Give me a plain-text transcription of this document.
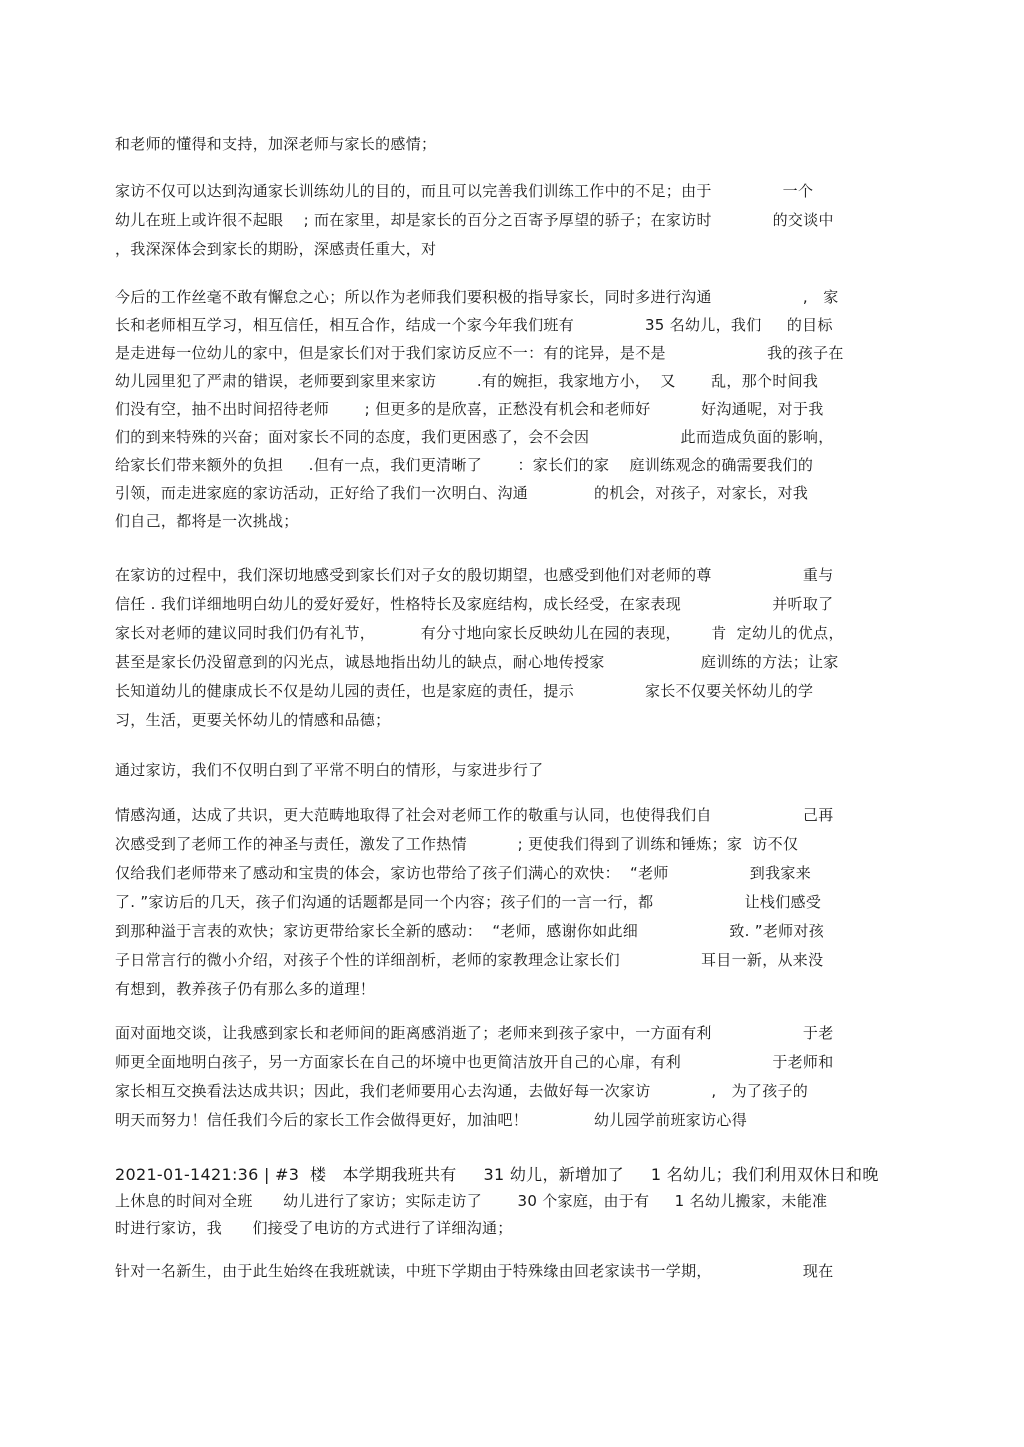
和老师的懂得和支持，加深老师与家长的感情；
家访不仅可以达到沟通家长训练幼儿的目的，而且可以完善我们训练工作中的不足；由于              一个
幼儿在班上或许很不起眼    ; 而在家里，却是家长的百分之百寄予厚望的骄子；在家访时            的交谈中
，我深深体会到家长的期盼，深感责任重大，对
今后的工作丝毫不敢有懈怠之心；所以作为老师我们要积极的指导家长，同时多进行沟通                  ,   家
长和老师相互学习，相互信任，相互合作，结成一个家今年我们班有              35 名幼儿，我们     的目标
是走进每一位幼儿的家中，但是家长们对于我们家访反应不一：有的诧异，是不是                    我的孩子在
幼儿园里犯了严肃的错误，老师要到家里来家访        .有的婉拒，我家地方小，  又       乱，那个时间我
们没有空，抽不出时间招待老师       ; 但更多的是欣喜，正愁没有机会和老师好          好沟通呢，对于我
们的到来特殊的兴奋；面对家长不同的态度，我们更困惑了，会不会因                  此而造成负面的影响，
给家长们带来额外的负担     .但有一点，我们更清晰了       ：家长们的家    庭训练观念的确需要我们的
引领，而走进家庭的家访活动，正好给了我们一次明白、沟通             的机会，对孩子，对家长，对我
们自己，都将是一次挑战；
在家访的过程中，我们深切地感受到家长们对子女的殷切期望，也感受到他们对老师的尊                  重与
信任 . 我们详细地明白幼儿的爱好爱好，性格特长及家庭结构，成长经受，在家表现                  并听取了
家长对老师的建议同时我们仍有礼节，         有分寸地向家长反映幼儿在园的表现，      肯  定幼儿的优点，
甚至是家长仍没留意到的闪光点，诚恳地指出幼儿的缺点，耐心地传授家                   庭训练的方法；让家
长知道幼儿的健康成长不仅是幼儿园的责任，也是家庭的责任，提示              家长不仅要关怀幼儿的学
习，生活，更要关怀幼儿的情感和品德；
通过家访，我们不仅明白到了平常不明白的情形，与家进步行了
情感沟通，达成了共识，更大范畴地取得了社会对老师工作的敬重与认同，也使得我们自                  己再
次感受到了老师工作的神圣与责任，激发了工作热情          ; 更使我们得到了训练和锤炼；家  访不仅
仅给我们老师带来了感动和宝贵的体会，家访也带给了孩子们满心的欢快：  “老师                到我家来
了. ”家访后的几天，孩子们沟通的话题都是同一个内容；孩子们的一言一行，都                  让栈们感受
到那种溢于言表的欢快；家访更带给家长全新的感动：  “老师，感谢你如此细                  致. ”老师对孩
子日常言行的微小介绍，对孩子个性的详细剖析，老师的家教理念让家长们                耳目一新，从来没
有想到，教养孩子仍有那么多的道理！
面对面地交谈，让我感到家长和老师间的距离感消逝了；老师来到孩子家中，一方面有利                  于老
师更全面地明白孩子，另一方面家长在自己的坏境中也更简洁放开自己的心扉，有利                  于老师和
家长相互交换看法达成共识；因此，我们老师要用心去沟通，去做好每一次家访            ,   为了孩子的
明天而努力！信任我们今后的家长工作会做得更好，加油吧！             幼儿园学前班家访心得
2021-01-1421:36 | #3  楼   本学期我班共有     31 幼儿，新增加了     1 名幼儿；我们利用双休日和晚
上休息的时间对全班      幼儿进行了家访；实际走访了       30 个家庭，由于有     1 名幼儿搬家，未能准
时进行家访，我      们接受了电访的方式进行了详细沟通；
针对一名新生，由于此生始终在我班就读，中班下学期由于特殊缘由回老家读书一学期，                  现在
